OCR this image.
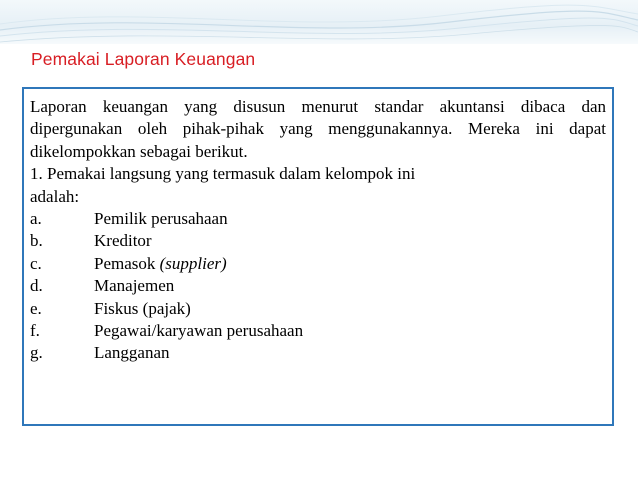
Pemakai Laporan Keuangan

Laporan keuangan yang disusun menurut standar akuntansi dibaca dan dipergunakan oleh pihak-pihak yang menggunakannya. Mereka ini dapat dikelompokkan sebagai berikut.

1. Pemakai langsung yang termasuk dalam kelompok ini

adalah:

a.	Pemilik perusahaan
b.	Kreditor
c.	Pemasok (supplier)
d.	Manajemen
e.	Fiskus (pajak)
f.	Pegawai/karyawan perusahaan
g.	Langganan
